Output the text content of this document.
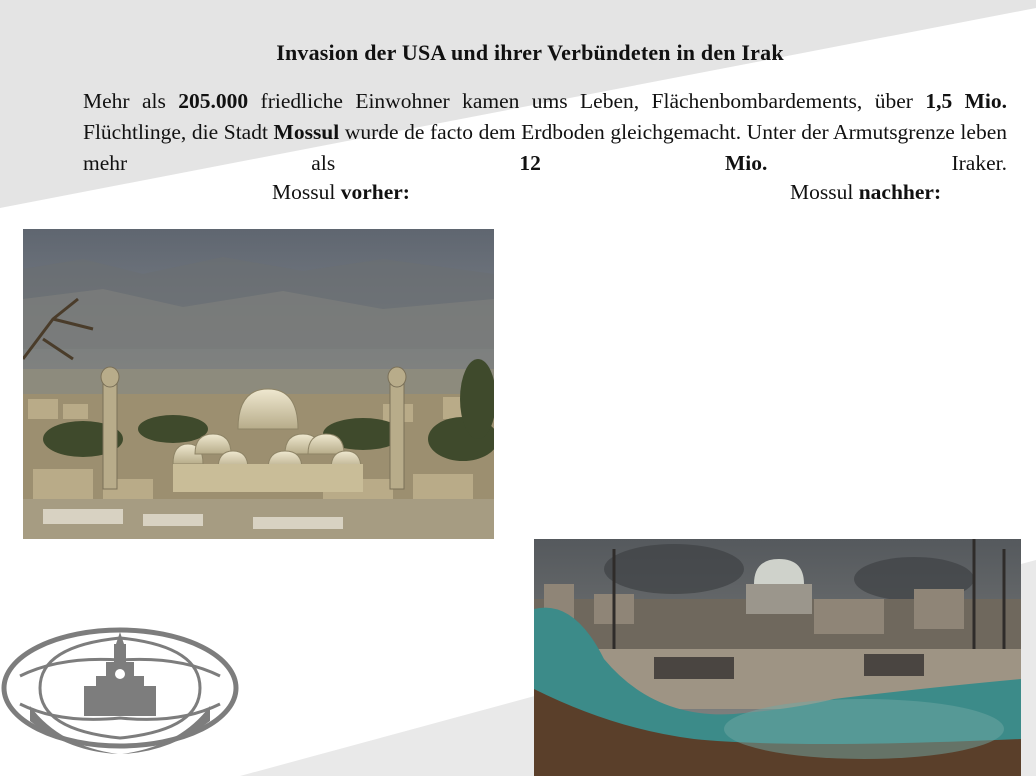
Invasion der USA und ihrer Verbündeten in den Irak
Mehr als 205.000 friedliche Einwohner kamen ums Leben, Flächenbombardements, über 1,5 Mio. Flüchtlinge, die Stadt Mossul wurde de facto dem Erdboden gleichgemacht. Unter der Armutsgrenze leben mehr als 12 Mio. Iraker.
Mossul vorher:	Mossul nachher:
